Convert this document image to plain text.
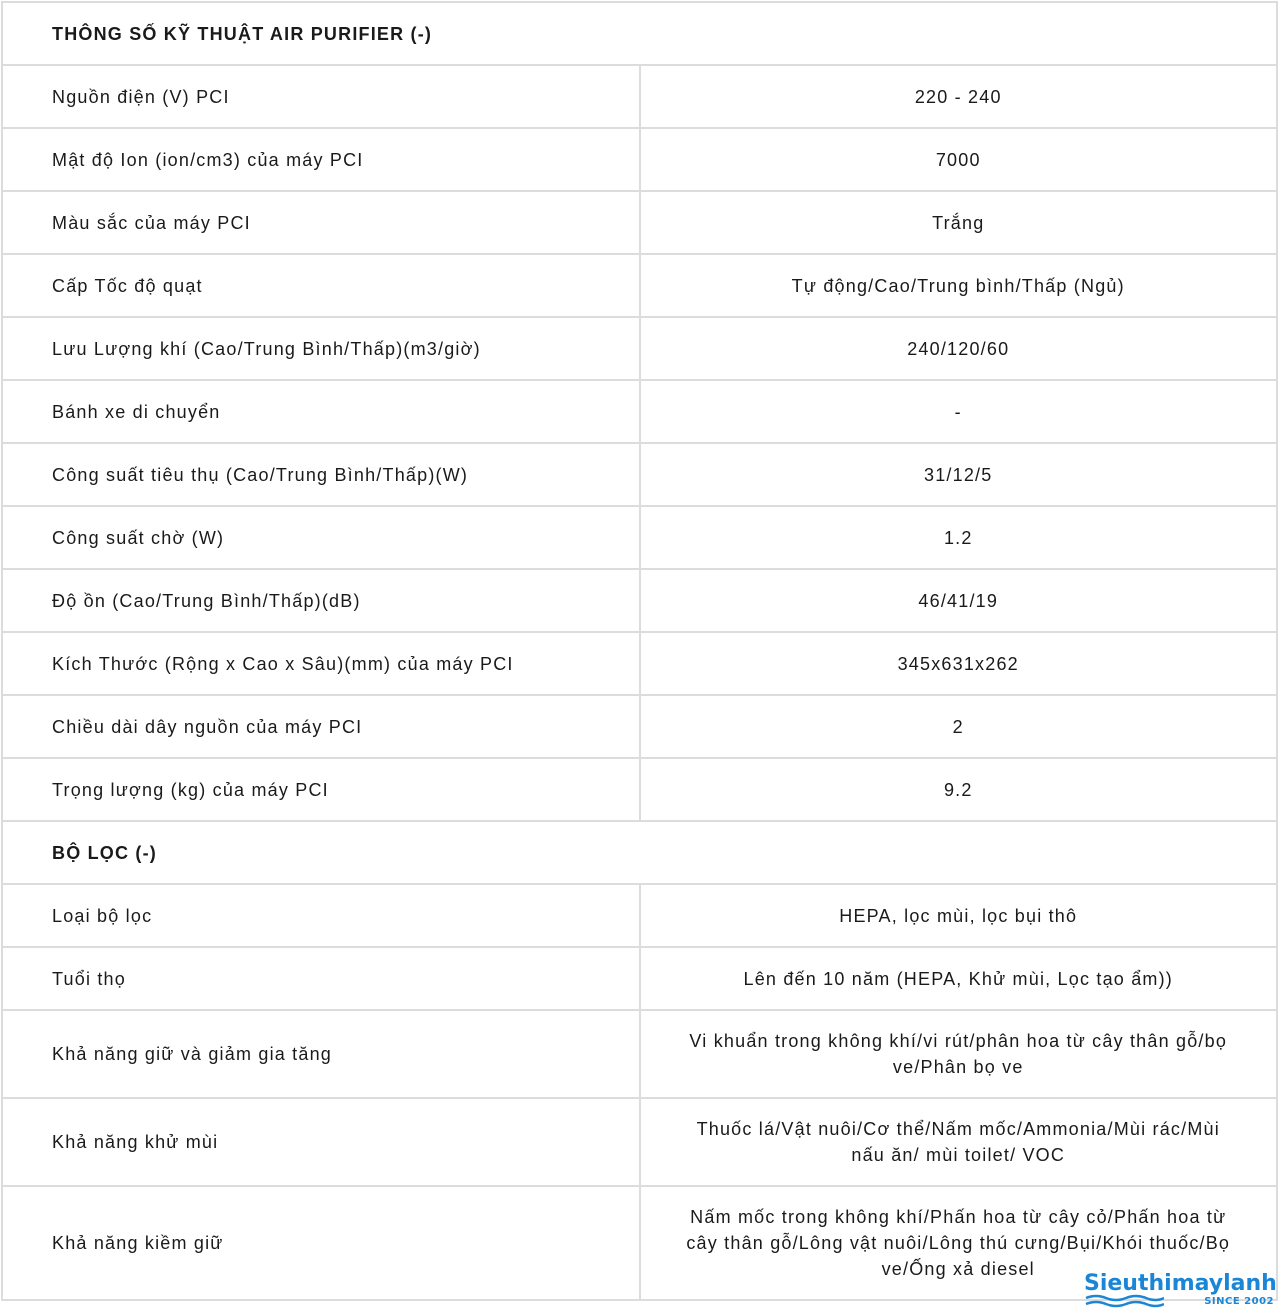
THÔNG SỐ KỸ THUẬT AIR PURIFIER (-)	
Nguồn điện (V) PCI	220 - 240
Mật độ Ion (ion/cm3) của máy PCI	7000
Màu sắc của máy PCI	Trắng
Cấp Tốc độ quạt	Tự động/Cao/Trung bình/Thấp (Ngủ)
Lưu Lượng khí (Cao/Trung Bình/Thấp)(m3/giờ)	240/120/60
Bánh xe di chuyển	-
Công suất tiêu thụ (Cao/Trung Bình/Thấp)(W)	31/12/5
Công suất chờ (W)	1.2
Độ ồn (Cao/Trung Bình/Thấp)(dB)	46/41/19
Kích Thước (Rộng x Cao x Sâu)(mm) của máy PCI	345x631x262
Chiều dài dây nguồn của máy PCI	2
Trọng lượng (kg) của máy PCI	9.2
BỘ LỌC (-)	
Loại bộ lọc	HEPA, lọc mùi, lọc bụi thô
Tuổi thọ	Lên đến 10 năm (HEPA, Khử mùi, Lọc tạo ẩm))
Khả năng giữ và giảm gia tăng	Vi khuẩn trong không khí/vi rút/phân hoa từ cây thân gỗ/bọ ve/Phân bọ ve
Khả năng khử mùi	Thuốc lá/Vật nuôi/Cơ thể/Nấm mốc/Ammonia/Mùi rác/Mùi nấu ăn/ mùi toilet/ VOC
Khả năng kiềm giữ	Nấm mốc trong không khí/Phấn hoa từ cây cỏ/Phấn hoa từ cây thân gỗ/Lông vật nuôi/Lông thú cưng/Bụi/Khói thuốc/Bọ ve/Ống xả diesel
Sieuthimaylanh
SINCE 2002
